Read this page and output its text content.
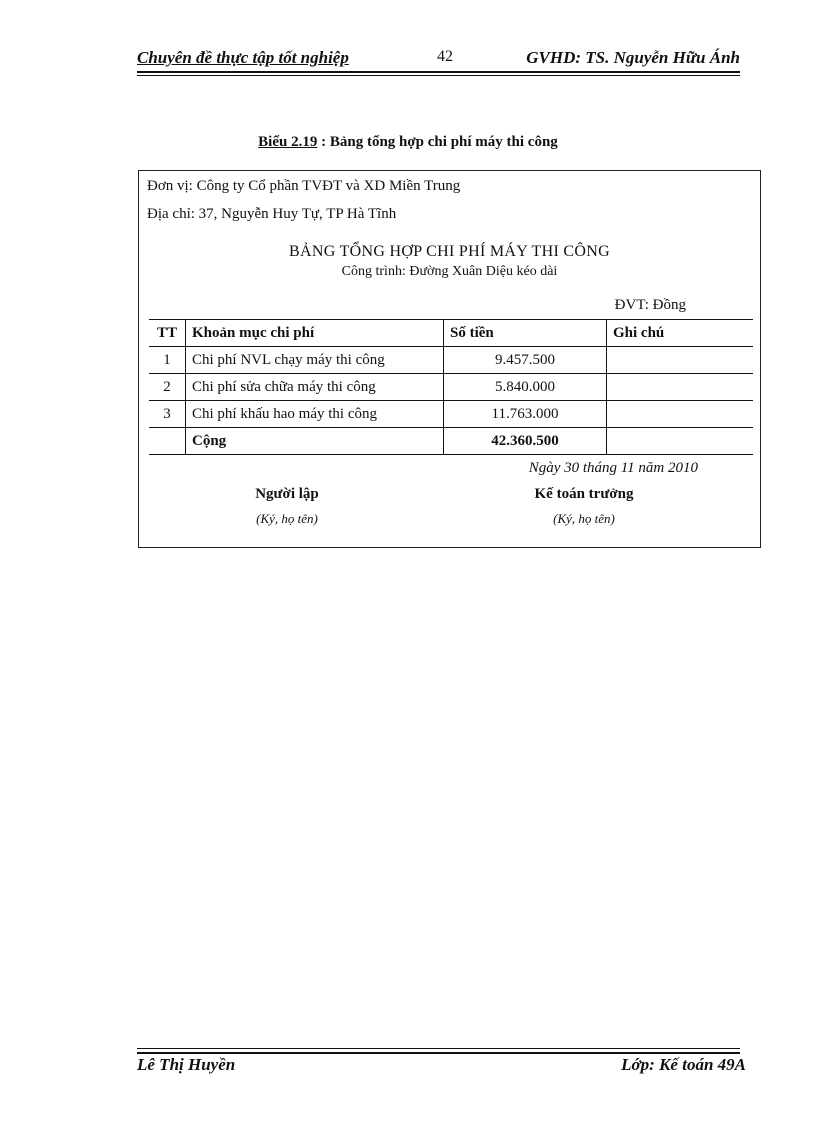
Chuyên đề thực tập tốt nghiệp	42	GVHD: TS. Nguyễn Hữu Ánh
Biểu 2.19 : Bảng tổng hợp chi phí máy thi công
Đơn vị: Công ty Cổ phần TVĐT và XD Miền Trung
Địa chỉ: 37, Nguyễn Huy Tự, TP Hà Tĩnh
BẢNG TỔNG HỢP CHI PHÍ MÁY THI CÔNG
Công trình: Đường Xuân Diệu kéo dài
ĐVT: Đồng
TT	Khoản mục chi phí	Số tiền	Ghi chú
1	Chi phí NVL chạy máy thi công	9.457.500	
2	Chi phí sửa chữa máy thi công	5.840.000	
3	Chi phí khấu hao máy thi công	11.763.000	
	Cộng	42.360.500	
Ngày 30 tháng 11 năm 2010
Người lập
(Ký, họ tên)
Kế toán trưởng
(Ký, họ tên)
Lê Thị Huyền	Lớp: Kế toán 49A
